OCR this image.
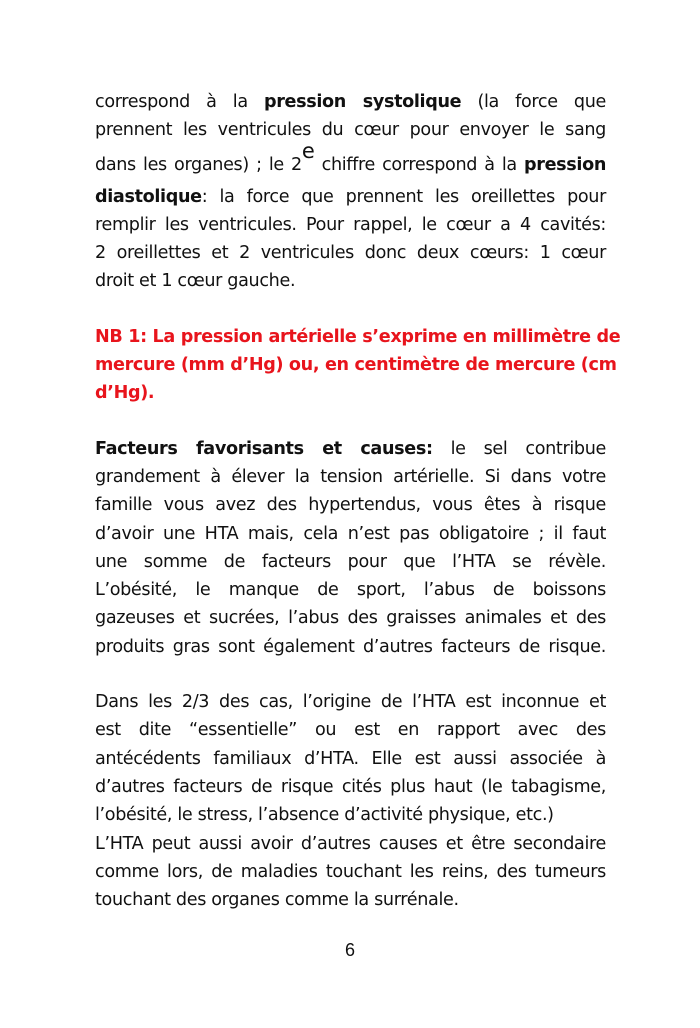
correspond à la pression systolique (la force que
prennent les ventricules du cœur pour envoyer le sang
dans les organes) ; le 2e chiffre correspond à la pression
diastolique: la force que prennent les oreillettes pour
remplir les ventricules. Pour rappel, le cœur a 4 cavités:
2 oreillettes et 2 ventricules donc deux cœurs: 1 cœur
droit et 1 cœur gauche.
NB 1: La pression artérielle s’exprime en millimètre de
mercure (mm d’Hg) ou, en centimètre de mercure (cm
d’Hg).
Facteurs favorisants et causes: le sel contribue
grandement à élever la tension artérielle. Si dans votre
famille vous avez des hypertendus, vous êtes à risque
d’avoir une HTA mais, cela n’est pas obligatoire ; il faut
une somme de facteurs pour que l’HTA se révèle.
L’obésité, le manque de sport, l’abus de boissons
gazeuses et sucrées, l’abus des graisses animales et des
produits gras sont également d’autres facteurs de risque.
Dans les 2/3 des cas, l’origine de l’HTA est inconnue et
est dite “essentielle” ou est en rapport avec des
antécédents familiaux d’HTA. Elle est aussi associée à
d’autres facteurs de risque cités plus haut (le tabagisme,
l’obésité, le stress, l’absence d’activité physique, etc.)
L’HTA peut aussi avoir d’autres causes et être secondaire
comme lors, de maladies touchant les reins, des tumeurs
touchant des organes comme la surrénale.
6
